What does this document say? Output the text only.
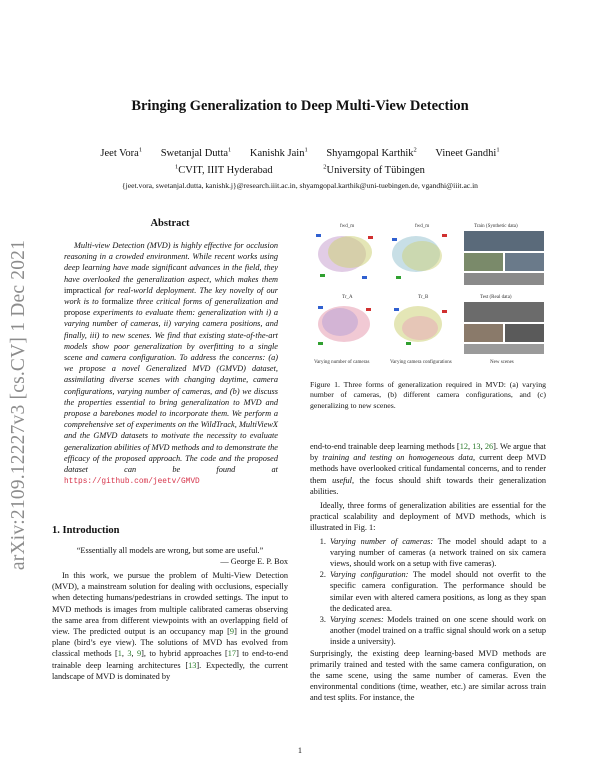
arXiv:2109.12227v3 [cs.CV] 1 Dec 2021
Bringing Generalization to Deep Multi-View Detection
Jeet Vora$^1$ Swetanjal Dutta$^1$ Kanishk Jain$^1$ Shyamgopal Karthik$^2$ Vineet Gandhi$^1$
$^1$CVIT, IIIT Hyderabad	$^2$University of Tübingen
{jeet.vora, swetanjal.dutta, kanishk.j}@research.iiit.ac.in, shyamgopal.karthik@uni-tuebingen.de, vgandhi@iiit.ac.in
Abstract

Multi-view Detection (MVD) is highly effective for occlusion reasoning in a crowded environment. While recent works using deep learning have made significant advances in the field, they have overlooked the generalization aspect, which makes them impractical for real-world deployment. The key novelty of our work is to formalize three critical forms of generalization and propose experiments to evaluate them: generalization with i) a varying number of cameras, ii) varying camera positions, and finally, iii) to new scenes. We find that existing state-of-the-art models show poor generalization by overfitting to a single scene and camera configuration. To address the concerns: (a) we propose a novel Generalized MVD (GMVD) dataset, assimilating diverse scenes with changing daytime, camera configurations, varying number of cameras, and (b) we discuss the properties essential to bring generalization to MVD and propose a barebones model to incorporate them. We perform a comprehensive set of experiments on the WildTrack, MultiViewX and the GMVD datasets to motivate the necessity to evaluate generalization abilities of MVD methods and to demonstrate the efficacy of the proposed approach. The code and the proposed dataset can be found at https://github.com/jeetv/GMVD

1. Introduction
“Essentially all models are wrong, but some are useful.”
— George E. P. Box

In this work, we pursue the problem of Multi-View Detection (MVD), a mainstream solution for dealing with occlusions, especially when detecting humans/pedestrians in crowded settings. The input to MVD methods is images from multiple calibrated cameras observing the same area from different viewpoints with an overlapping field of view. The predicted output is an occupancy map [9] in the ground plane (bird’s eye view). The solutions of MVD has evolved from classical methods [1, 3, 9], to hybrid approaches [17] to end-to-end trainable deep learning architectures [13]. Expectedly, the current landscape of MVD is dominated by

fwd_m	fwd_m	Train (Synthetic data)
Tr_A	Tr_B	Test (Real data)
Varying number of cameras	Varying camera configurations	New scenes
Figure 1. Three forms of generalization required in MVD: (a) varying number of cameras, (b) different camera configurations, and (c) generalizing to new scenes.

end-to-end trainable deep learning methods [12, 13, 26]. We argue that by training and testing on homogeneous data, current deep MVD methods have overlooked critical fundamental concerns, and to render them useful, the focus should shift towards their generalization abilities.

Ideally, three forms of generalization abilities are essential for the practical scalability and deployment of MVD methods, which is illustrated in Fig. 1:

1. Varying number of cameras: The model should adapt to a varying number of cameras (a network trained on six camera views, should work on a setup with five cameras).
2. Varying configuration: The model should not overfit to the specific camera configuration. The performance should be similar even with altered camera positions, as long as they span the dedicated area.
3. Varying scenes: Models trained on one scene should work on another (model trained on a traffic signal should work on a setup inside a university).

Surprisingly, the existing deep learning-based MVD methods are primarily trained and tested with the same camera configuration, on the same scene, using the same number of cameras. Even the environmental conditions (time, weather, etc.) are similar across train and test splits. For instance, the

1
